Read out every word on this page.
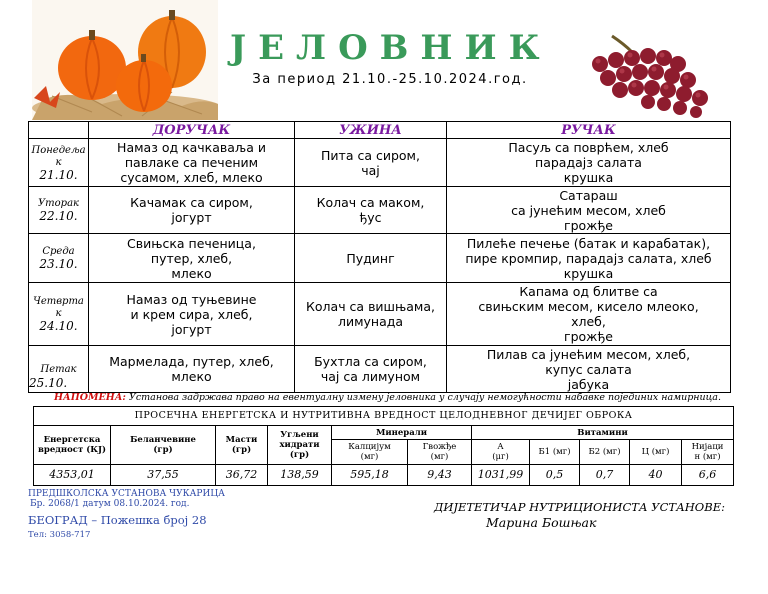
ЈЕЛОВНИК
За период 21.10.-25.10.2024.год.
ДАН	ДОРУЧАК	УЖИНА	РУЧАК

Понедеља
к
21.10.	Намаз од качкаваља и
павлаке са печеним
сусамом, хлеб, млеко	Пита са сиром,
чај	Пасуљ са поврћем, хлеб
парадајз салата
крушка

Уторак
22.10.	Качамак са сиром,
јогурт	Колач са маком,
ђус	Сатараш
са јунећим месом, хлеб
грожђе

Среда
23.10.	Свињска печеница,
путер, хлеб,
млеко	Пудинг	Пилеће печење (батак и карабатак),
пире кромпир, парадајз салата, хлеб
крушка

Четврта
к
24.10.	Намаз од туњевине
и крем сира, хлеб,
јогурт	Колач са вишњама,
лимунада	Капама од блитве са
свињским месом, кисело млеоко,
хлеб,
грожђе

Петак
25.10.	Мармелада, путер, хлеб,
млеко	Бухтла са сиром,
чај са лимуном	Пилав са јунећим месом, хлеб,
купус салата
јабука
НАПОМЕНА: Установа задржава право на евентуалну измену јеловника у случају немогућности набавке појединих намирница.
ПРОСЕЧНА ЕНЕРГЕТСКА И НУТРИТИВНА ВРЕДНОСТ ЦЕЛОДНЕВНОГ ДЕЧИЈЕГ ОБРОКА										
Енергетска
вредност (КЈ)	Беланчевине
(гр)	Масти
(гр)	Угљени
хидрати
(гр)	Минерали		Витамини				
				Калцијум
(мг)	Гвожђе
(мг)	А
(μг)	Б1 (мг)	Б2 (мг)	Ц (мг)	Нијаци
н (мг)
4353,01	37,55	36,72	138,59	595,18	9,43	1031,99	0,5	0,7	40	6,6
ПРЕДШКОЛСКА УСТАНОВА ЧУКАРИЦА
Бр. 2068/1 датум 08.10.2024. год.
БЕОГРАД – Пожешка број 28
Тел: 3058-717
ДИЈЕТЕТИЧАР НУТРИЦИОНИСТА УСТАНОВЕ:
Марина Бошњак
